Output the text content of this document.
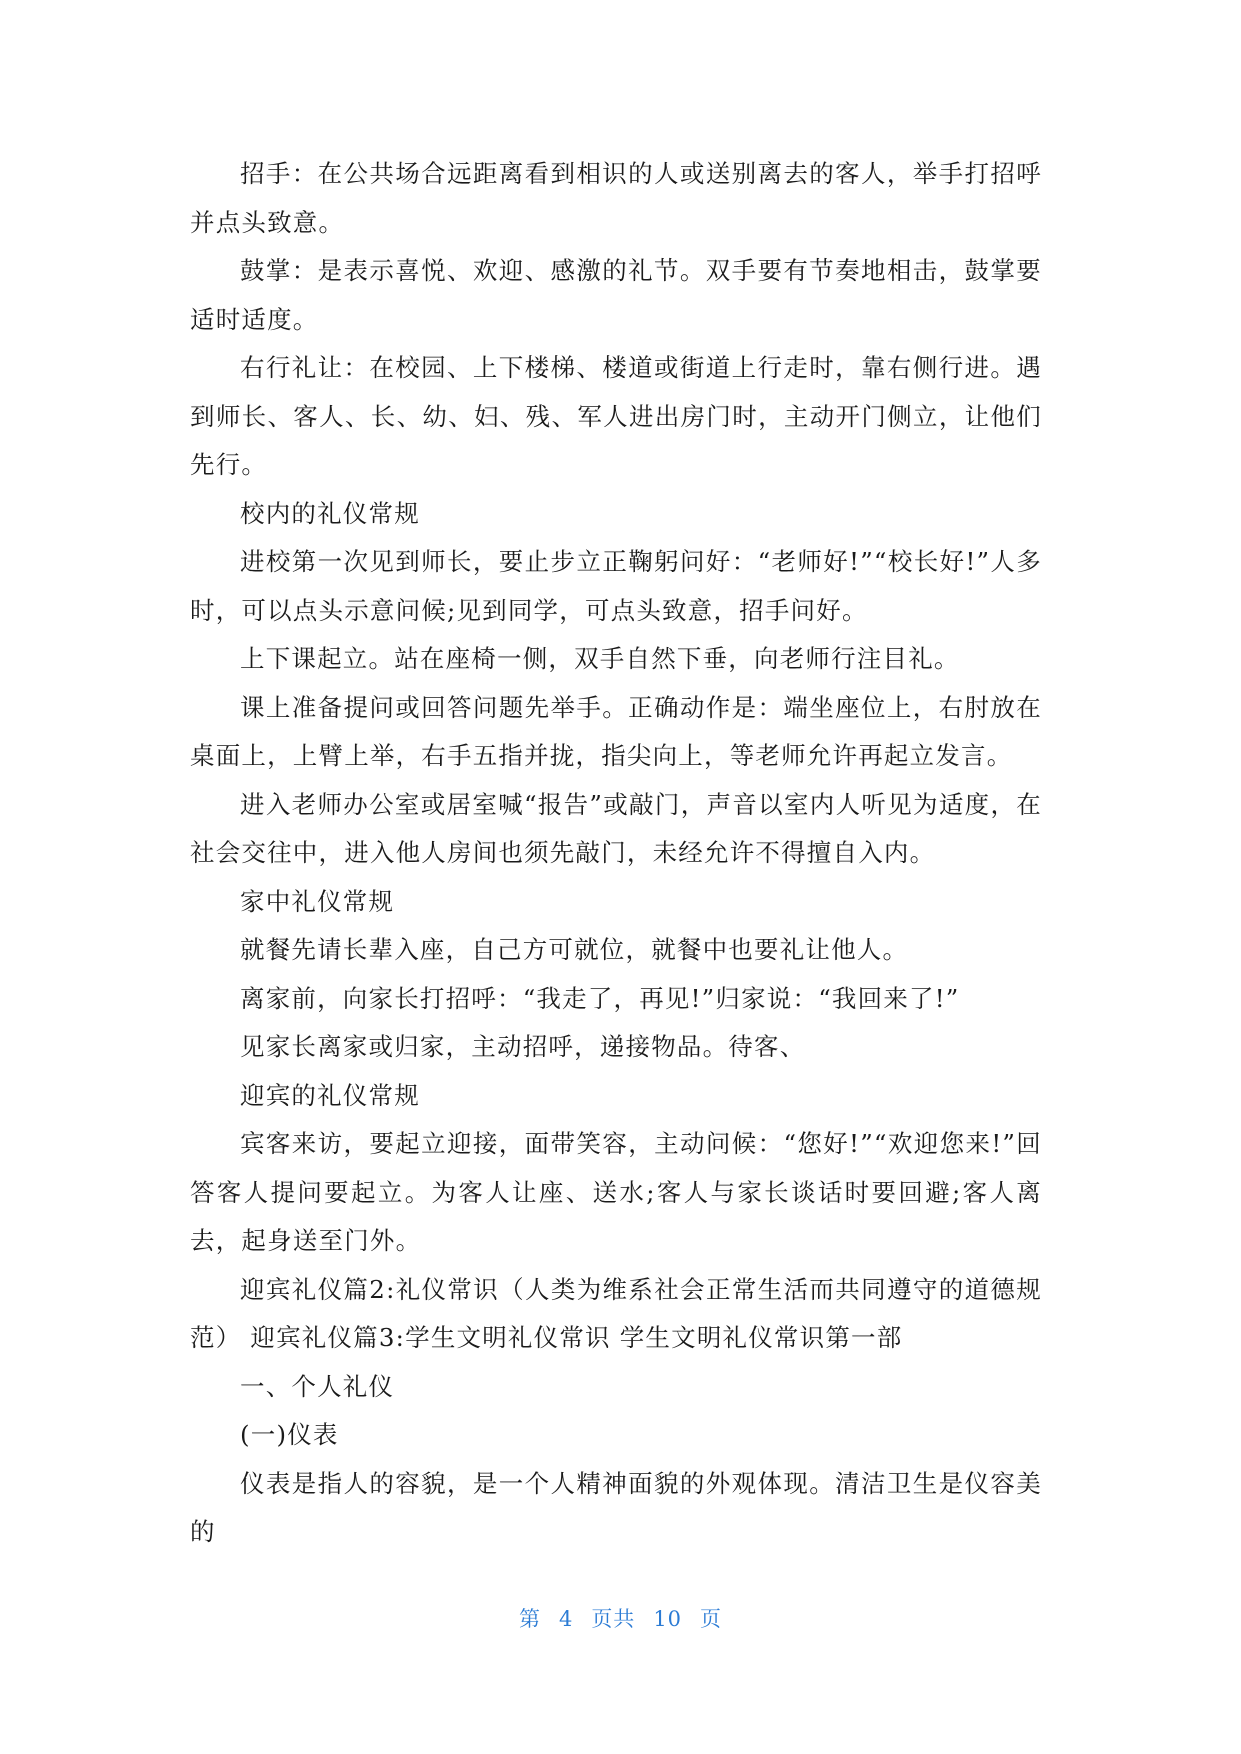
招手：在公共场合远距离看到相识的人或送别离去的客人，举手打招呼并点头致意。

鼓掌：是表示喜悦、欢迎、感激的礼节。双手要有节奏地相击，鼓掌要适时适度。

右行礼让：在校园、上下楼梯、楼道或街道上行走时，靠右侧行进。遇到师长、客人、长、幼、妇、残、军人进出房门时，主动开门侧立，让他们先行。

校内的礼仪常规

进校第一次见到师长，要止步立正鞠躬问好：“老师好!”“校长好!”人多时，可以点头示意问候;见到同学，可点头致意，招手问好。

上下课起立。站在座椅一侧，双手自然下垂，向老师行注目礼。

课上准备提问或回答问题先举手。正确动作是：端坐座位上，右肘放在桌面上，上臂上举，右手五指并拢，指尖向上，等老师允许再起立发言。

进入老师办公室或居室喊“报告”或敲门，声音以室内人听见为适度，在社会交往中，进入他人房间也须先敲门，未经允许不得擅自入内。

家中礼仪常规

就餐先请长辈入座，自己方可就位，就餐中也要礼让他人。

离家前，向家长打招呼：“我走了，再见!”归家说：“我回来了!”

见家长离家或归家，主动招呼，递接物品。待客、

迎宾的礼仪常规

宾客来访，要起立迎接，面带笑容，主动问候：“您好!”“欢迎您来!”回答客人提问要起立。为客人让座、送水;客人与家长谈话时要回避;客人离去，起身送至门外。

迎宾礼仪篇2:礼仪常识（人类为维系社会正常生活而共同遵守的道德规范） 迎宾礼仪篇3:学生文明礼仪常识 学生文明礼仪常识第一部

一、个人礼仪

(一)仪表

仪表是指人的容貌，是一个人精神面貌的外观体现。清洁卫生是仪容美的

第 4 页共 10 页
